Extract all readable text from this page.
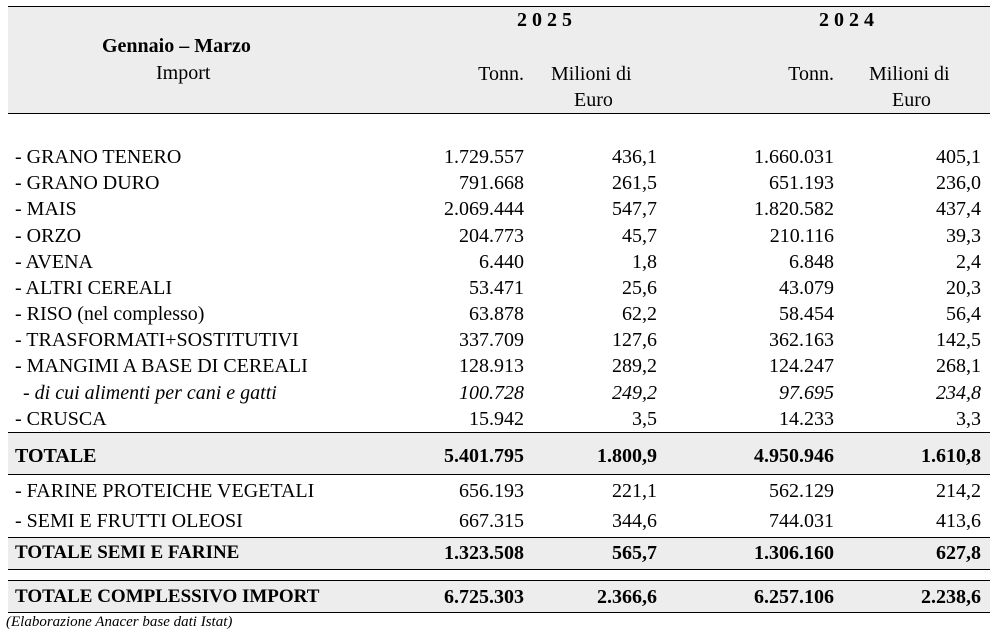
Gennaio – Marzo
Import
2025	2024
Tonn. Milioni di
Euro
Tonn. Milioni di
Euro
- GRANO TENERO	1.729.557	436,1	1.660.031	405,1
- GRANO DURO	791.668	261,5	651.193	236,0
- MAIS	2.069.444	547,7	1.820.582	437,4
- ORZO	204.773	45,7	210.116	39,3
- AVENA	6.440	1,8	6.848	2,4
- ALTRI CEREALI	53.471	25,6	43.079	20,3
- RISO (nel complesso)	63.878	62,2	58.454	56,4
- TRASFORMATI+SOSTITUTIVI	337.709	127,6	362.163	142,5
- MANGIMI A BASE DI CEREALI	128.913	289,2	124.247	268,1
- di cui alimenti per cani e gatti	100.728	249,2	97.695	234,8
- CRUSCA	15.942	3,5	14.233	3,3
TOTALE	5.401.795	1.800,9	4.950.946	1.610,8
- FARINE PROTEICHE VEGETALI	656.193	221,1	562.129	214,2
- SEMI E FRUTTI OLEOSI	667.315	344,6	744.031	413,6
TOTALE SEMI E FARINE	1.323.508	565,7	1.306.160	627,8
TOTALE COMPLESSIVO IMPORT	6.725.303	2.366,6	6.257.106	2.238,6
(Elaborazione Anacer base dati Istat)
